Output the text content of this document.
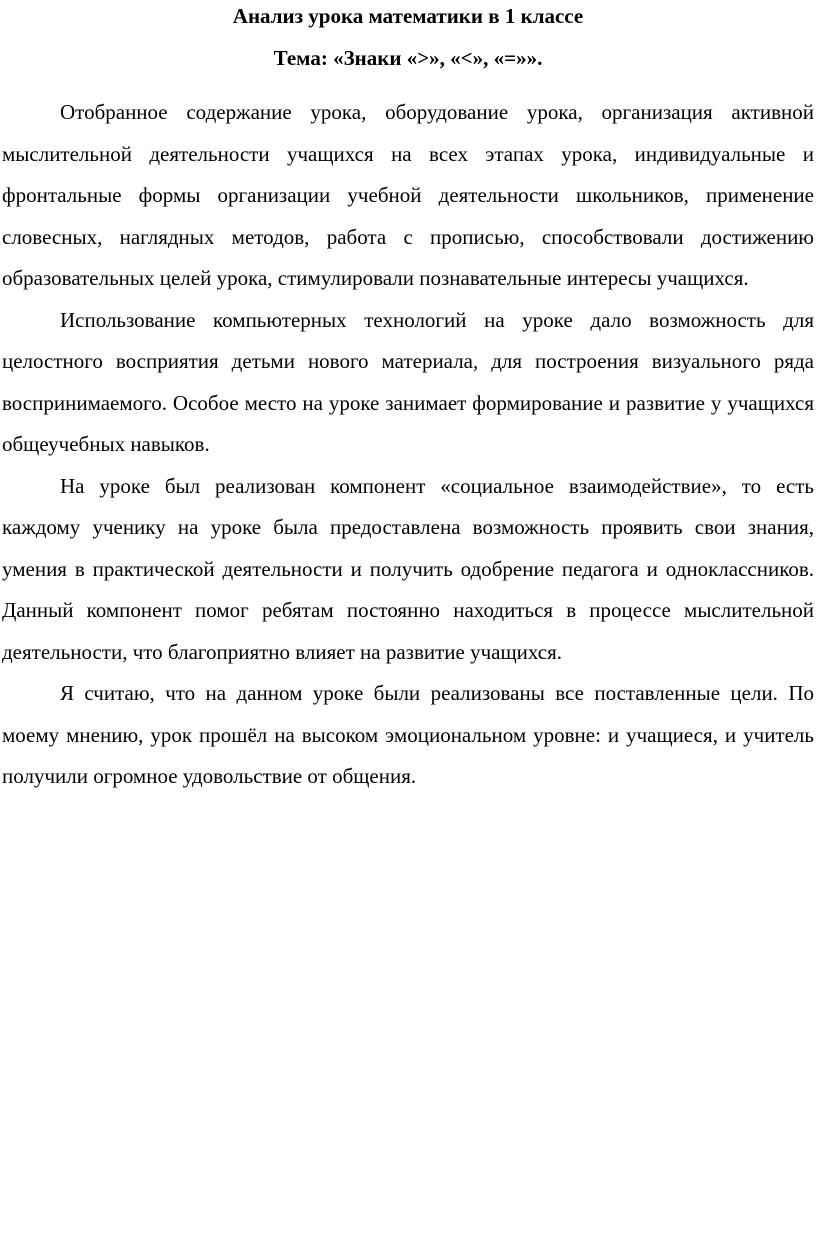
Анализ урока математики в 1 классе
Тема: «Знаки «>», «<», «=»».

Отобранное содержание урока, оборудование урока, организация активной мыслительной деятельности учащихся на всех этапах урока, индивидуальные и фронтальные формы организации учебной деятельности школьников, применение словесных, наглядных методов, работа с прописью, способствовали достижению образовательных целей урока, стимулировали познавательные интересы учащихся.

Использование компьютерных технологий на уроке дало возможность для целостного восприятия детьми нового материала, для построения визуального ряда воспринимаемого. Особое место на уроке занимает формирование и развитие у учащихся общеучебных навыков.

На уроке был реализован компонент «социальное взаимодействие», то есть каждому ученику на уроке была предоставлена возможность проявить свои знания, умения в практической деятельности и получить одобрение педагога и одноклассников. Данный компонент помог ребятам постоянно находиться в процессе мыслительной деятельности, что благоприятно влияет на развитие учащихся.

Я считаю, что на данном уроке были реализованы все поставленные цели. По моему мнению, урок прошёл на высоком эмоциональном уровне: и учащиеся, и учитель получили огромное удовольствие от общения.
